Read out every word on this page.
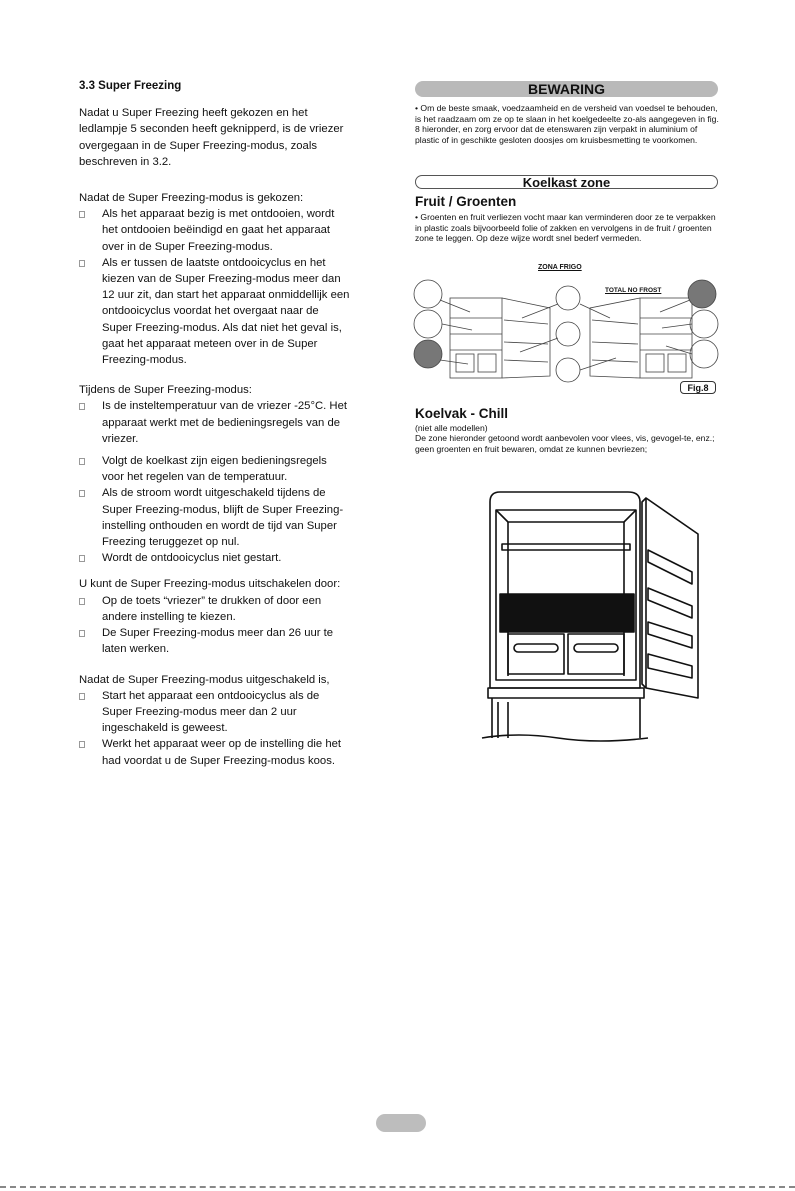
3.3 Super Freezing

Nadat u Super Freezing heeft gekozen en het ledlampje 5 seconden heeft geknipperd, is de vriezer overgegaan in de Super Freezing-modus, zoals beschreven in 3.2.

Nadat de Super Freezing-modus is gekozen:

Als het apparaat bezig is met ontdooien, wordt het ontdooien beëindigd en gaat het apparaat over in de Super Freezing-modus.
Als er tussen de laatste ontdooicyclus en het kiezen van de Super Freezing-modus meer dan 12 uur zit, dan start het apparaat onmiddellijk een ontdooicyclus voordat het overgaat naar de Super Freezing-modus. Als dat niet het geval is, gaat het apparaat meteen over in de Super Freezing-modus.

Tijdens de Super Freezing-modus:

Is de insteltemperatuur van de vriezer -25°C. Het apparaat werkt met de bedieningsregels van de vriezer.
Volgt de koelkast zijn eigen bedieningsregels voor het regelen van de temperatuur.
Als de stroom wordt uitgeschakeld tijdens de Super Freezing-modus, blijft de Super Freezing-instelling onthouden en wordt de tijd van Super Freezing teruggezet op nul.
Wordt de ontdooicyclus niet gestart.

U kunt de Super Freezing-modus uitschakelen door:

Op de toets “vriezer” te drukken of door een andere instelling te kiezen.
De Super Freezing-modus meer dan 26 uur te laten werken.

Nadat de Super Freezing-modus uitgeschakeld is,

Start het apparaat een ontdooicyclus als de Super Freezing-modus meer dan 2 uur ingeschakeld is geweest.
Werkt het apparaat weer op de instelling die het had voordat u de Super Freezing-modus koos.
BEWARING
• Om de beste smaak, voedzaamheid en de versheid van voedsel te behouden, is het raadzaam om ze op te slaan in het koelgedeelte zo-als aangegeven in fig. 8 hieronder, en zorg ervoor dat de etenswaren zijn verpakt in aluminium of plastic of in geschikte gesloten doosjes om kruisbesmetting te voorkomen.
Koelkast zone
Fruit / Groenten
• Groenten en fruit verliezen vocht maar kan verminderen door ze te verpakken in plastic zoals bijvoorbeeld folie of zakken en vervolgens in de fruit / groenten zone te leggen. Op deze wijze wordt snel bederf vermeden.
ZONA FRIGO
TOTAL NO FROST
Fig.8
Koelvak - Chill
(niet alle modellen)
De zone hieronder getoond wordt aanbevolen voor vlees, vis, gevogel-te, enz.; geen groenten en fruit bewaren, omdat ze kunnen bevriezen;
